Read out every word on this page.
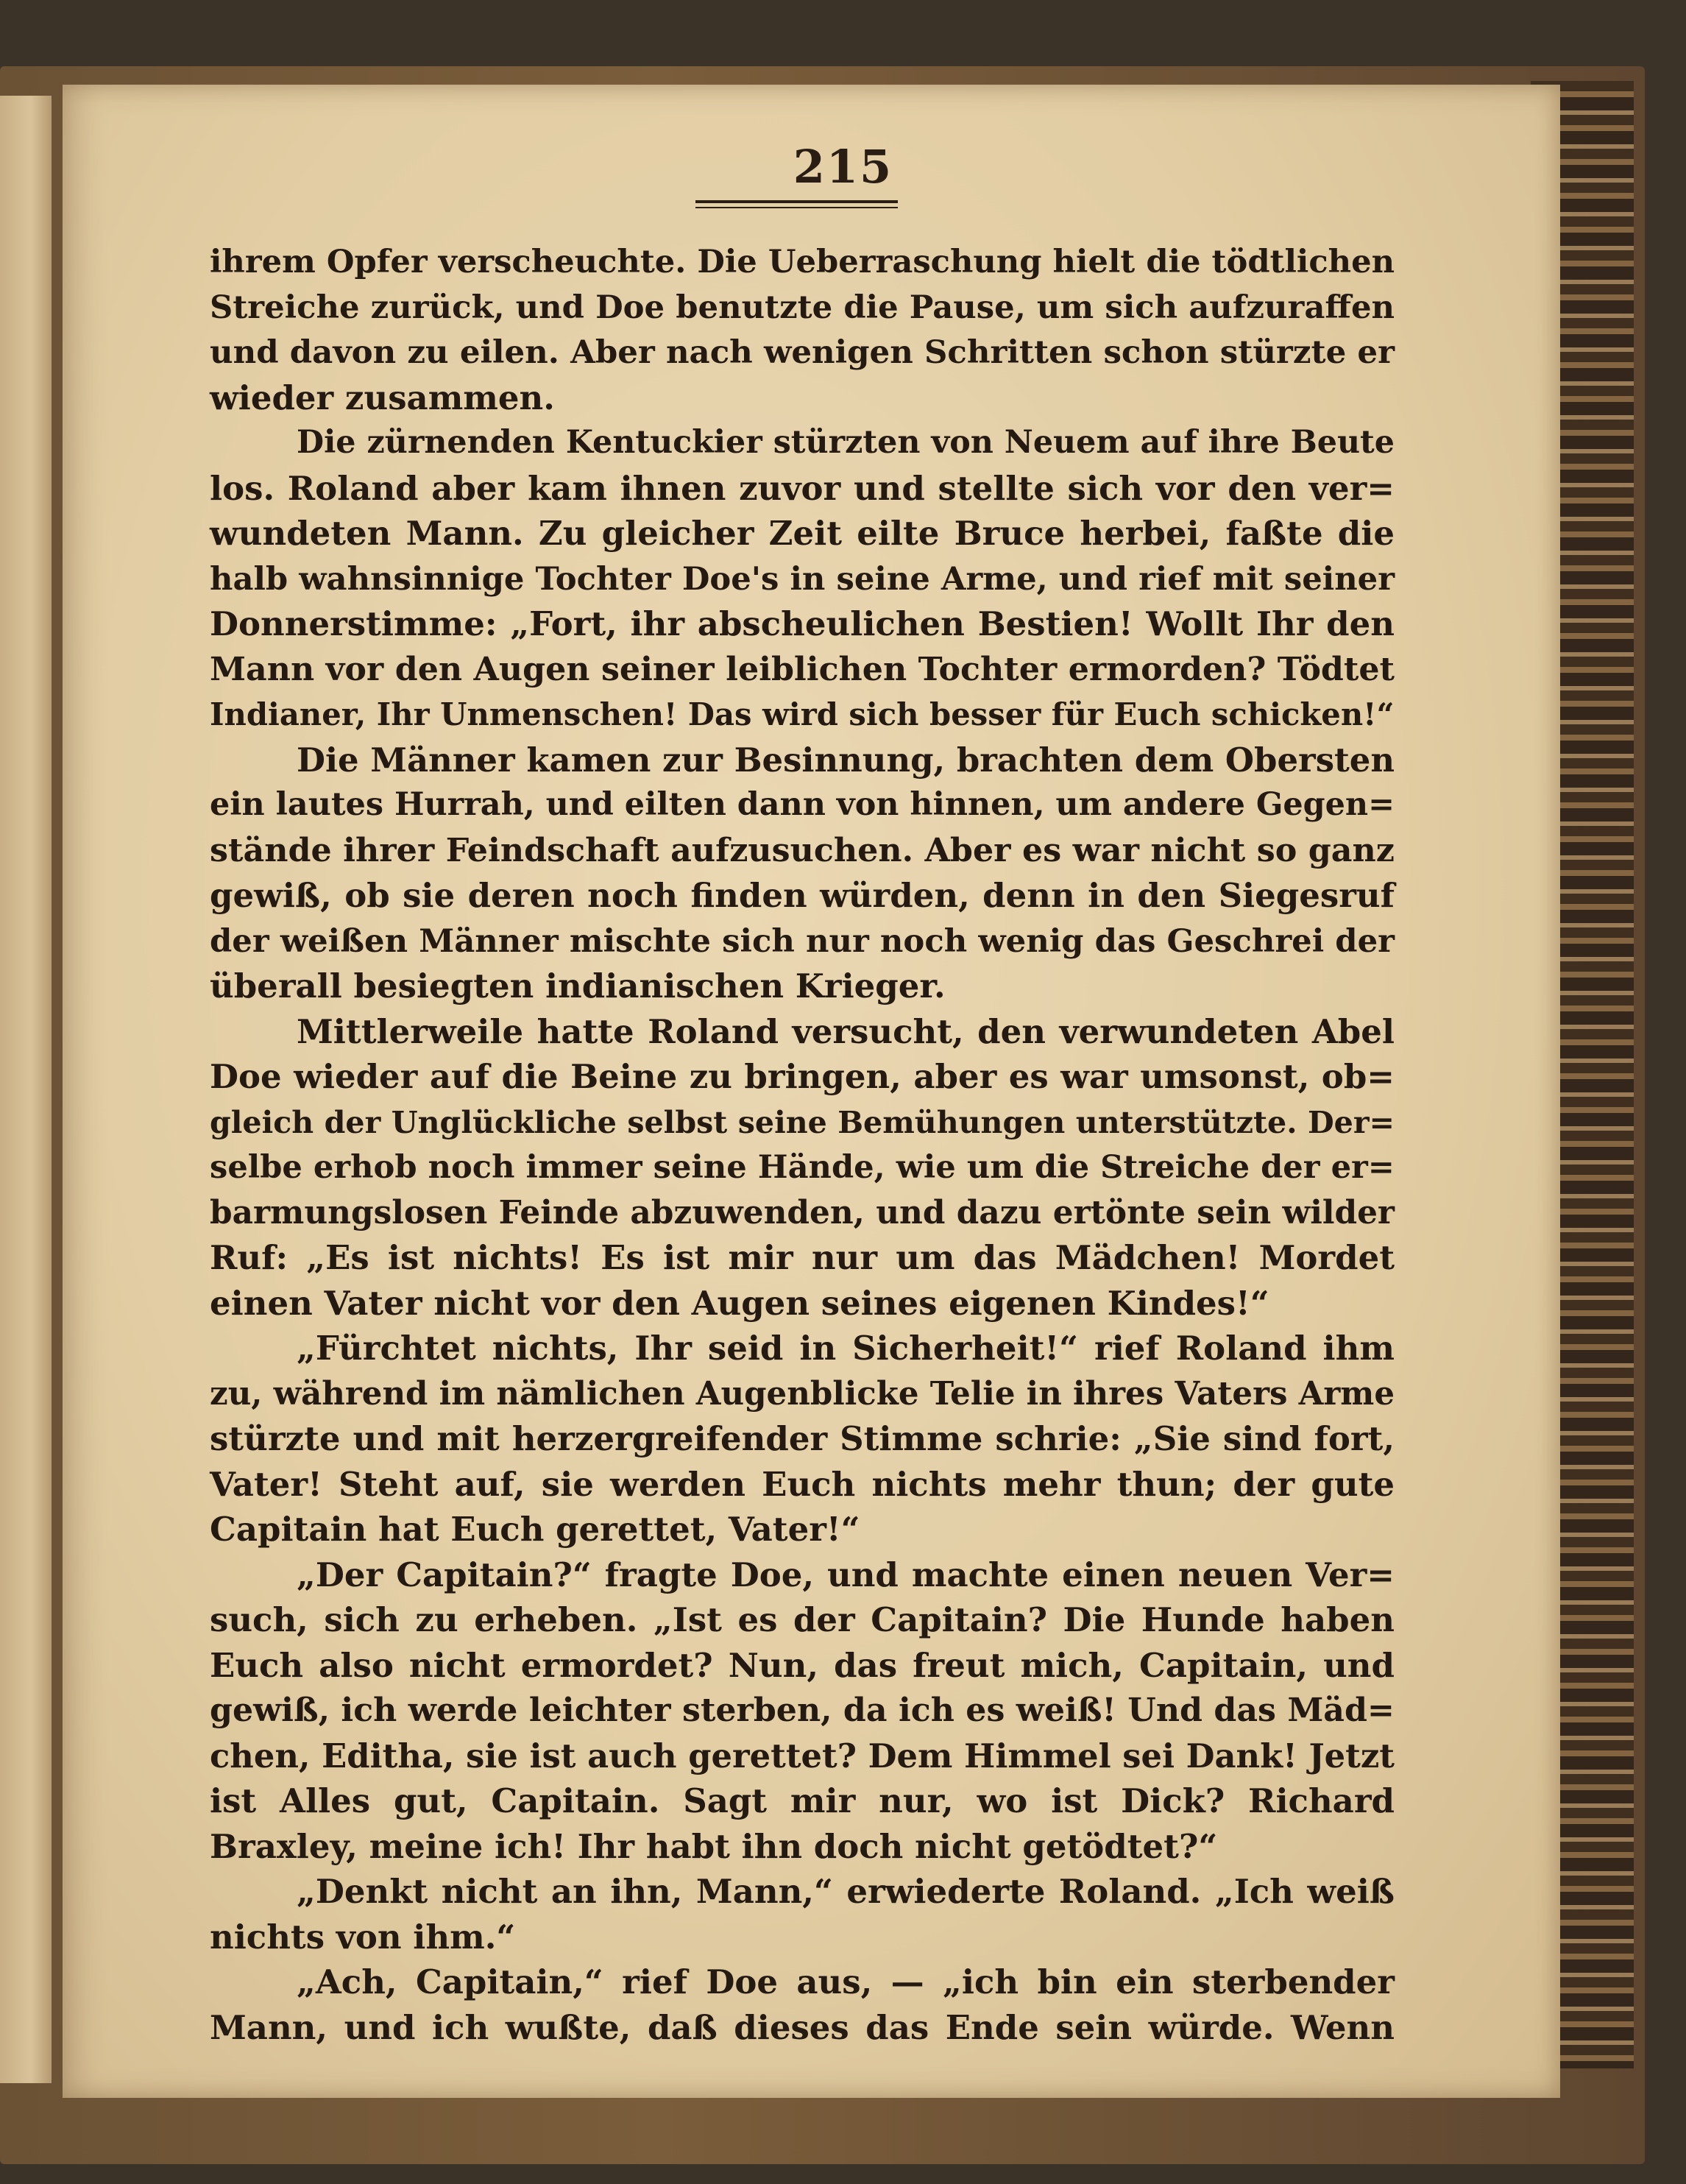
215
ihrem Opfer verscheuchte. Die Ueberraschung hielt die tödtlichen
Streiche zurück, und Doe benutzte die Pause, um sich aufzuraffen
und davon zu eilen. Aber nach wenigen Schritten schon stürzte er
wieder zusammen.
Die zürnenden Kentuckier stürzten von Neuem auf ihre Beute
los. Roland aber kam ihnen zuvor und stellte sich vor den ver=
wundeten Mann. Zu gleicher Zeit eilte Bruce herbei, faßte die
halb wahnsinnige Tochter Doe's in seine Arme, und rief mit seiner
Donnerstimme: „Fort, ihr abscheulichen Bestien! Wollt Ihr den
Mann vor den Augen seiner leiblichen Tochter ermorden? Tödtet
Indianer, Ihr Unmenschen! Das wird sich besser für Euch schicken!“
Die Männer kamen zur Besinnung, brachten dem Obersten
ein lautes Hurrah, und eilten dann von hinnen, um andere Gegen=
stände ihrer Feindschaft aufzusuchen. Aber es war nicht so ganz
gewiß, ob sie deren noch finden würden, denn in den Siegesruf
der weißen Männer mischte sich nur noch wenig das Geschrei der
überall besiegten indianischen Krieger.
Mittlerweile hatte Roland versucht, den verwundeten Abel
Doe wieder auf die Beine zu bringen, aber es war umsonst, ob=
gleich der Unglückliche selbst seine Bemühungen unterstützte. Der=
selbe erhob noch immer seine Hände, wie um die Streiche der er=
barmungslosen Feinde abzuwenden, und dazu ertönte sein wilder
Ruf: „Es ist nichts! Es ist mir nur um das Mädchen! Mordet
einen Vater nicht vor den Augen seines eigenen Kindes!“
„Fürchtet nichts, Ihr seid in Sicherheit!“ rief Roland ihm
zu, während im nämlichen Augenblicke Telie in ihres Vaters Arme
stürzte und mit herzergreifender Stimme schrie: „Sie sind fort,
Vater! Steht auf, sie werden Euch nichts mehr thun; der gute
Capitain hat Euch gerettet, Vater!“
„Der Capitain?“ fragte Doe, und machte einen neuen Ver=
such, sich zu erheben. „Ist es der Capitain? Die Hunde haben
Euch also nicht ermordet? Nun, das freut mich, Capitain, und
gewiß, ich werde leichter sterben, da ich es weiß! Und das Mäd=
chen, Editha, sie ist auch gerettet? Dem Himmel sei Dank! Jetzt
ist Alles gut, Capitain. Sagt mir nur, wo ist Dick? Richard
Braxley, meine ich! Ihr habt ihn doch nicht getödtet?“
„Denkt nicht an ihn, Mann,“ erwiederte Roland. „Ich weiß
nichts von ihm.“
„Ach, Capitain,“ rief Doe aus, — „ich bin ein sterbender
Mann, und ich wußte, daß dieses das Ende sein würde. Wenn
